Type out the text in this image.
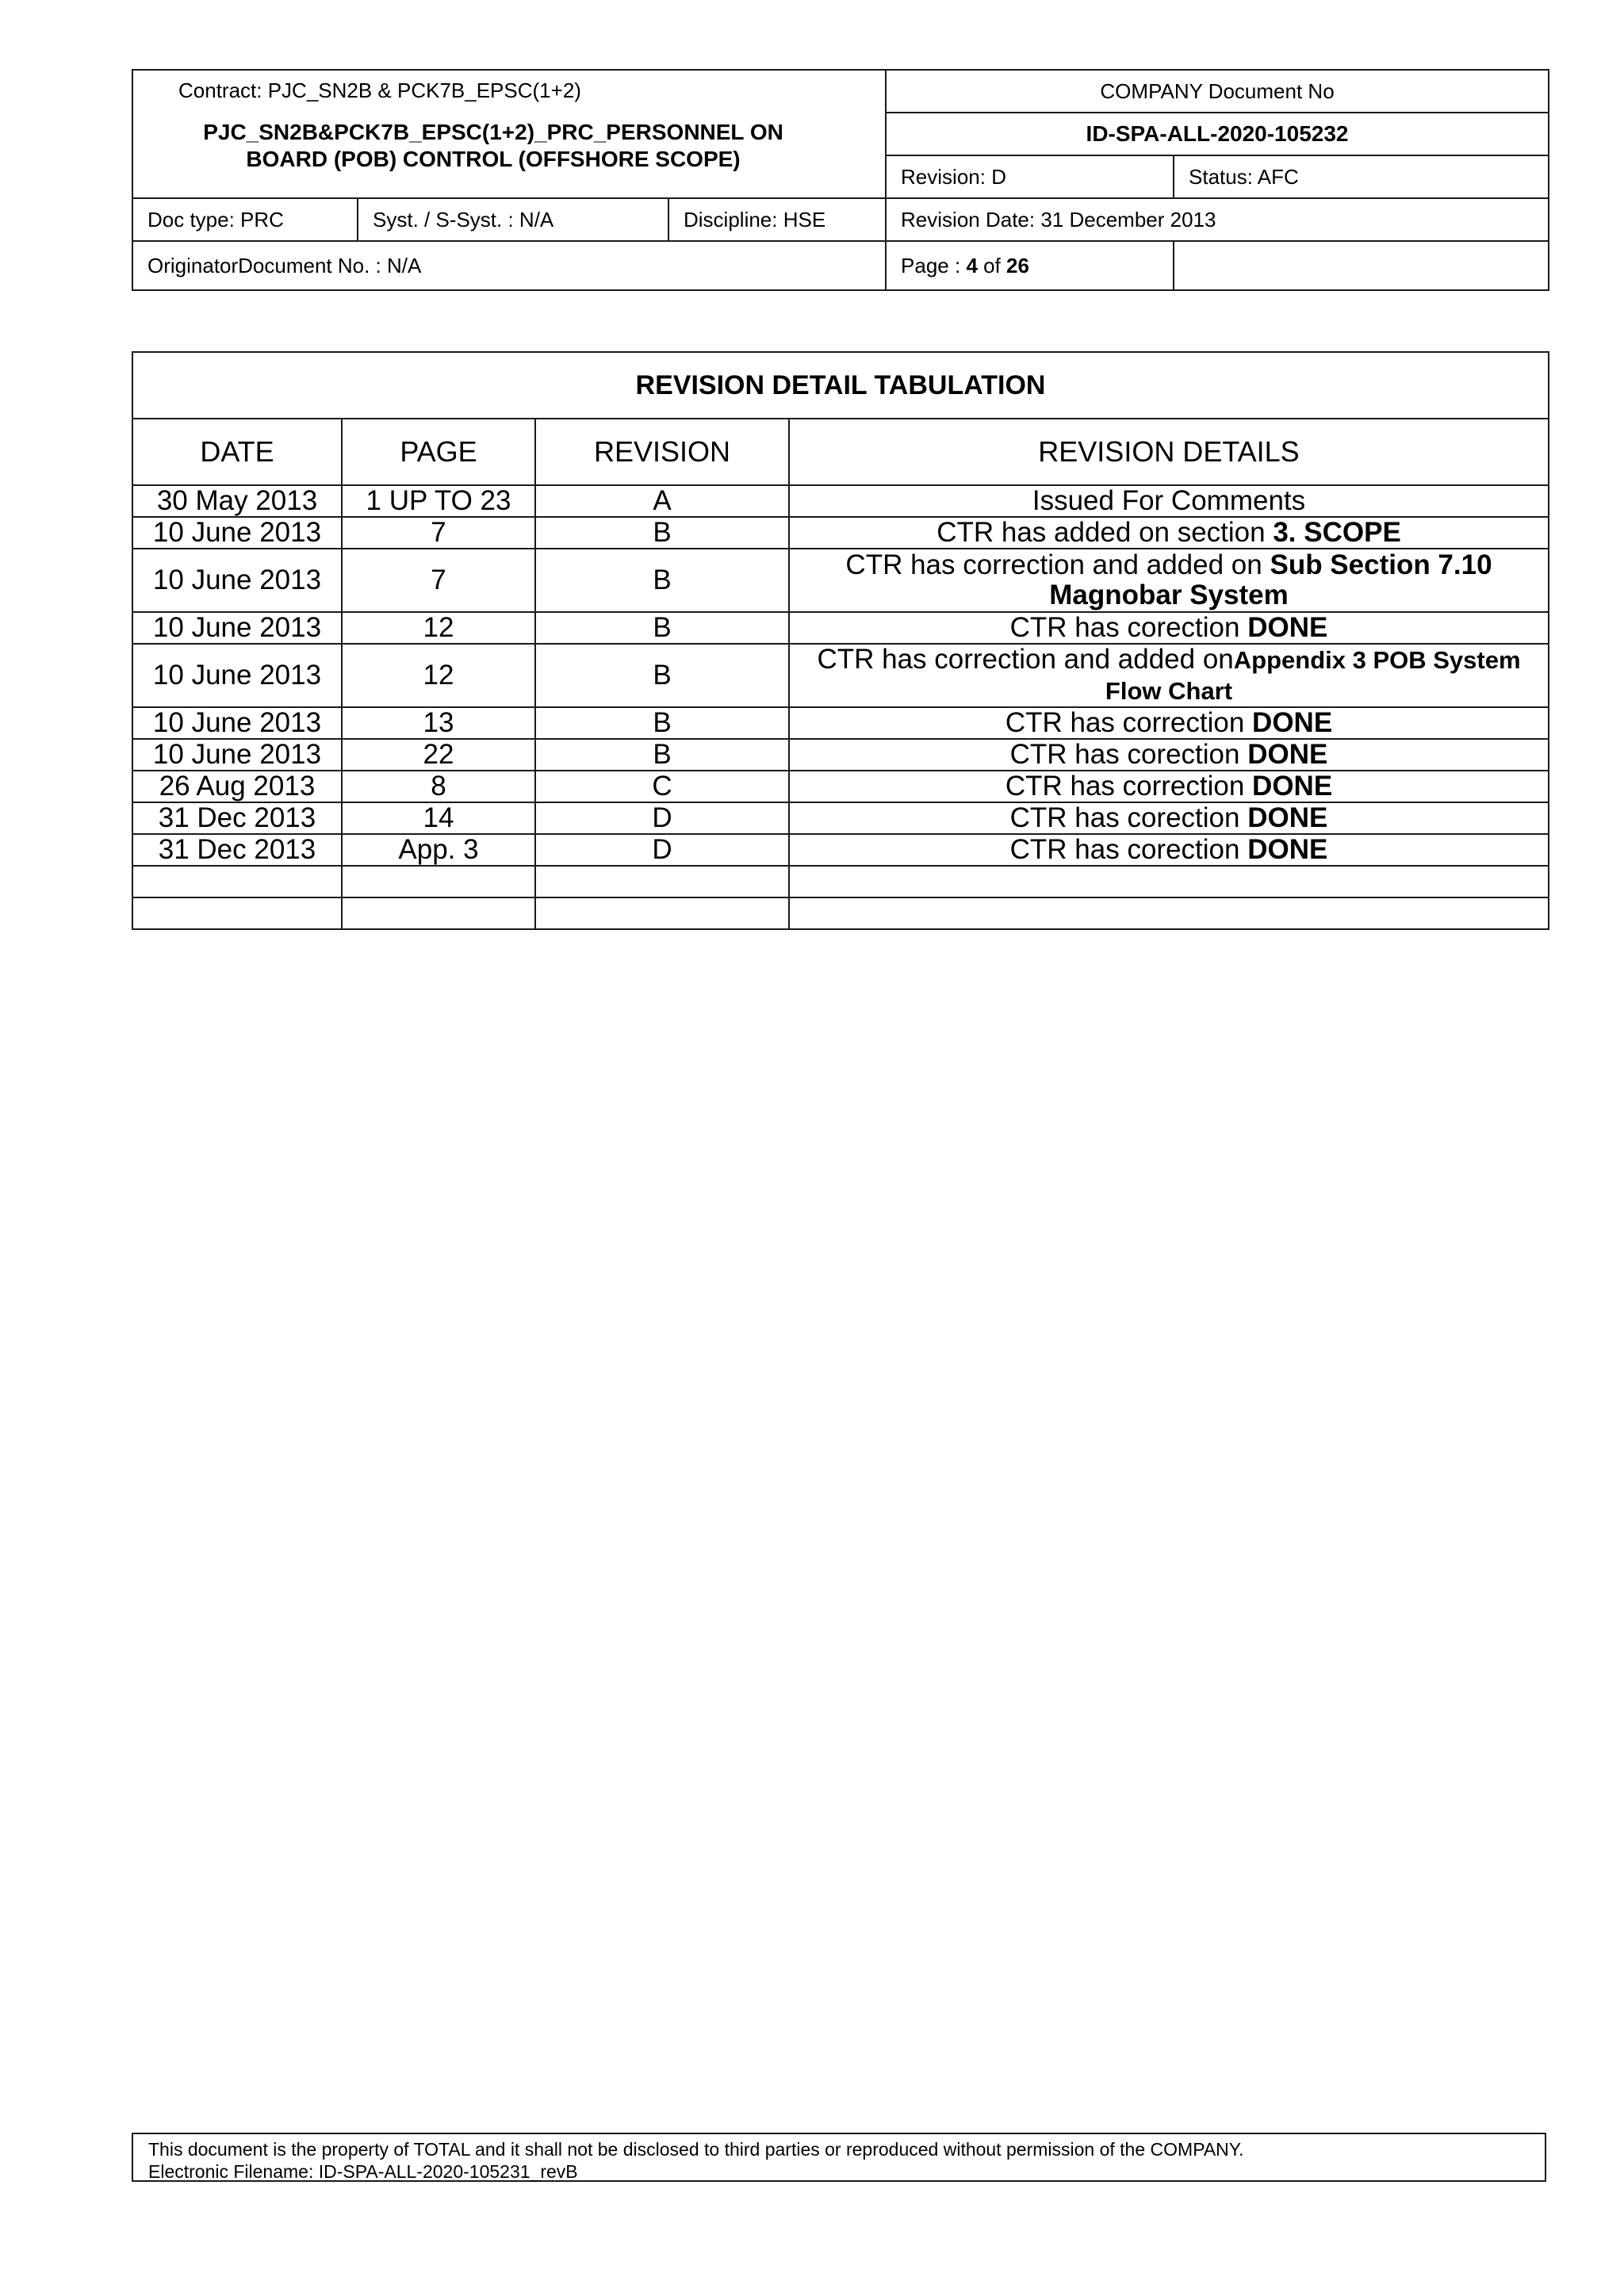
Contract: PJC_SN2B & PCK7B_EPSC(1+2)
PJC_SN2B&PCK7B_EPSC(1+2)_PRC_PERSONNEL ON
BOARD (POB) CONTROL (OFFSHORE SCOPE)			COMPANY Document No	
			ID-SPA-ALL-2020-105232	
			Revision: D	Status: AFC
Doc type: PRC	Syst. / S-Syst. : N/A	Discipline: HSE	Revision Date: 31 December 2013	
OriginatorDocument No. : N/A			Page : 4 of 26	
REVISION DETAIL TABULATION			
DATE	PAGE	REVISION	REVISION DETAILS
30 May 2013	1 UP TO 23	A	Issued For Comments
10 June 2013	7	B	CTR has added on section 3. SCOPE
10 June 2013	7	B	CTR has correction and added on Sub Section 7.10
Magnobar System

10 June 2013	12	B	CTR has corection DONE
10 June 2013	12	B	CTR has correction and added onAppendix 3 POB System
Flow Chart

10 June 2013	13	B	CTR has correction DONE
10 June 2013	22	B	CTR has corection DONE
26 Aug 2013	8	C	CTR has correction DONE
31 Dec 2013	14	D	CTR has corection DONE
31 Dec 2013	App. 3	D	CTR has corection DONE

This document is the property of TOTAL and it shall not be disclosed to third parties or reproduced without permission of the COMPANY.
Electronic Filename: ID-SPA-ALL-2020-105231_revB
